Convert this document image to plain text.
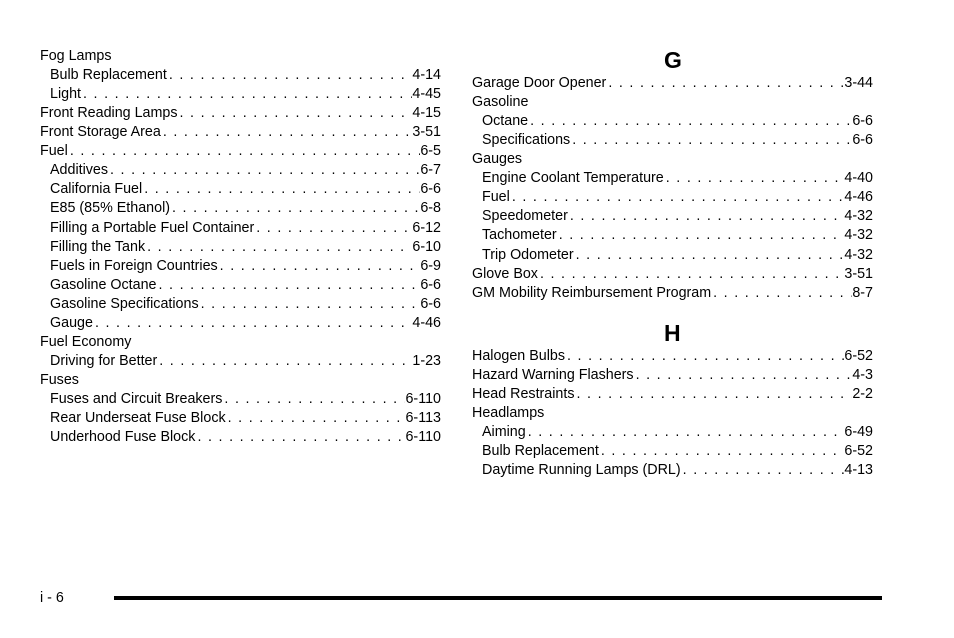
Fog Lamps
Bulb Replacement . . .	4-14
Light . . .	4-45
Front Reading Lamps . . .	4-15
Front Storage Area . . .	3-51
Fuel . . .	6-5
Additives . . .	6-7
California Fuel . . .	6-6
E85 (85% Ethanol) . . .	6-8
Filling a Portable Fuel Container . . .	6-12
Filling the Tank . . .	6-10
Fuels in Foreign Countries . . .	6-9
Gasoline Octane . . .	6-6
Gasoline Specifications . . .	6-6
Gauge . . .	4-46
Fuel Economy
Driving for Better . . .	1-23
Fuses
Fuses and Circuit Breakers . . .	6-110
Rear Underseat Fuse Block . . .	6-113
Underhood Fuse Block . . .	6-110
G
H
Garage Door Opener . . .	3-44
Gasoline
Octane . . .	6-6
Specifications . . .	6-6
Gauges
Engine Coolant Temperature . . .	4-40
Fuel . . .	4-46
Speedometer . . .	4-32
Tachometer . . .	4-32
Trip Odometer . . .	4-32
Glove Box . . .	3-51
GM Mobility Reimbursement Program . . .	8-7
Halogen Bulbs . . .	6-52
Hazard Warning Flashers . . .	4-3
Head Restraints . . .	2-2
Headlamps
Aiming . . .	6-49
Bulb Replacement . . .	6-52
Daytime Running Lamps (DRL) . . .	4-13
i - 6
